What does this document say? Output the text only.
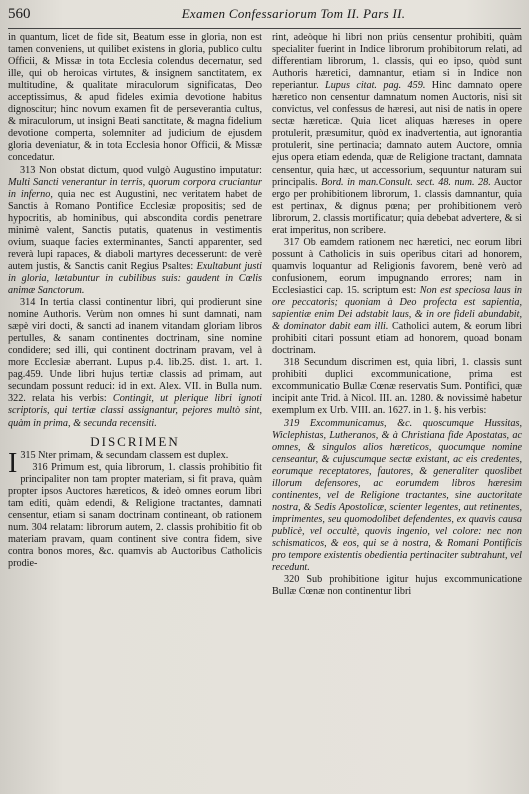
560	Examen Confessariorum Tom II. Pars II.

in quantum, licet de fide sit, Beatum esse in gloria, non est tamen conveniens, ut quilibet existens in gloria, publico cultu Officii, & Missæ in tota Ecclesia colendus decernatur, sed ille, qui ob heroicas virtutes, & insignem sanctitatem, ex multitudine, & qualitate miraculorum significatas, Deo acceptissimus, & apud fideles eximia devotione habitus dignoscitur; hinc novum examen fit de perseverantia cultus, & miraculorum, ut insigni Beati sanctitate, & magna fidelium devotione comperta, solemniter ad judicium de ejusdem gloria deveniatur, & in tota Ecclesia honor Officii, & Missæ concedatur.

313 Non obstat dictum, quod vulgò Augustino imputatur: Multi Sancti venerantur in terris, quorum corpora cruciantur in inferno, quia nec est Augustini, nec veritatem habet de Sanctis à Romano Pontifice Ecclesiæ propositis; sed de hypocritis, ab hominibus, qui abscondita cordis penetrare minimè valent, Sanctis putatis, quatenus in vestimentis ovium, suaque facies exterminantes, Sancti apparenter, sed reverà lupi rapaces, & diaboli martyres decesserunt: de verè autem justis, & Sanctis canit Regius Psaltes: Exultabunt justi in gloria, lætabuntur in cubilibus suis: gaudent in Cœlis animæ Sanctorum.

314 In tertia classi continentur libri, qui prodierunt sine nomine Authoris. Verùm non omnes hi sunt damnati, nam sæpè viri docti, & sancti ad inanem vitandam gloriam libros pertulles, & sanam continentes doctrinam, sine nomine condidere; sed illi, qui continent doctrinam pravam, vel à more Ecclesiæ aberrant. Lupus p.4. lib.25. dist. 1. art. 1. pag.459. Unde libri hujus tertiæ classis ad primam, aut secundam possunt reduci: id in ext. Alex. VII. in Bulla num. 322. relata his verbis: Contingit, ut plerique libri ignoti scriptoris, qui tertiæ classi assignantur, pejores multò sint, quàm in prima, & secunda recensiti.

DISCRIMEN

315
I Nter primam, & secundam classem est duplex.

316 Primum est, quia librorum, 1. classis prohibitio fit principaliter non tam propter materiam, si fit prava, quàm propter ipsos Auctores hæreticos, & ideò omnes eorum libri tam editi, quàm edendi, & Religione tractantes, damnati censentur, etiam si sanam doctrinam contineant, ob rationem num. 304 relatam: librorum autem, 2. classis prohibitio fit ob materiam pravam, quam continent sive contra fidem, sive contra bonos mores, &c. quamvis ab Auctoribus Catholicis prodie-

rint, adeòque hi libri non priùs censentur prohibiti, quàm specialiter fuerint in Indice librorum prohibitorum relati, ad differentiam librorum, 1. classis, qui eo ipso, quòd sunt Authoris hæretici, damnantur, etiam si in Indice non reperiantur. Lupus citat. pag. 459. Hinc damnato opere hæretico non censentur damnatum nomen Auctoris, nisi sit convictus, vel confessus de hæresi, aut nisi de natis in opere sectæ hæreticæ. Quia licet aliquas hæreses in opere protulerit, præsumitur, quòd ex inadvertentia, aut ignorantia protulerit, sine pertinacia; damnato autem Auctore, omnia ejus opera etiam edenda, quæ de Religione tractant, damnata censentur, quia hæc, ut accessorium, sequuntur naturam sui principalis. Bord. in man.Consult. sect. 48. num. 28. Auctor ergo per prohibitionem librorum, 1. classis damnantur, quia est pertinax, & dignus pœna; per prohibitionem verò librorum, 2. classis mortificatur; quia debebat advertere, & si erat imperitus, non scribere.

317 Ob eamdem rationem nec hæretici, nec eorum libri possunt à Catholicis in suis operibus citari ad honorem, quamvis loquantur ad Religionis favorem, benè verò ad confusionem, eorum impugnando errores; nam in Ecclesiastici cap. 15. scriptum est: Non est speciosa laus in ore peccatoris; quoniam à Deo profecta est sapientia, sapientiæ enim Dei adstabit laus, & in ore fideli abundabit, & dominator dabit eam illi. Catholici autem, & eorum libri prohibiti citari possunt etiam ad honorem, quoad bonam doctrinam.

318 Secundum discrimen est, quia libri, 1. classis sunt prohibiti duplici excommunicatione, prima est excommunicatio Bullæ Cœnæ reservatis Sum. Pontifici, quæ incipit ante Trid. à Nicol. III. an. 1280. & novissimè habetur exemplum ex Urb. VIII. an. 1627. in 1. §. his verbis:

319 Excommunicamus, &c. quoscumque Hussitas, Wiclephistas, Lutheranos, & à Christiana fide Apostatas, ac omnes, & singulos alios hæreticos, quocumque nomine censeantur, & cujuscumque sectæ existant, ac eis credentes, eorumque receptatores, fautores, & generaliter quoslibet illorum defensores, ac eorumdem libros hæresim continentes, vel de Religione tractantes, sine auctoritate nostra, & Sedis Apostolicæ, scienter legentes, aut retinentes, imprimentes, seu quomodolibet defendentes, ex quavis causa publicè, vel occultè, quovis ingenio, vel colore: nec non schismaticos, & eos, qui se à nostra, & Romani Pontificis pro tempore existentis obedientia pertinaciter subtrahunt, vel recedunt.

320 Sub prohibitione igitur hujus excommunicatione Bullæ Cœnæ non continentur libri
